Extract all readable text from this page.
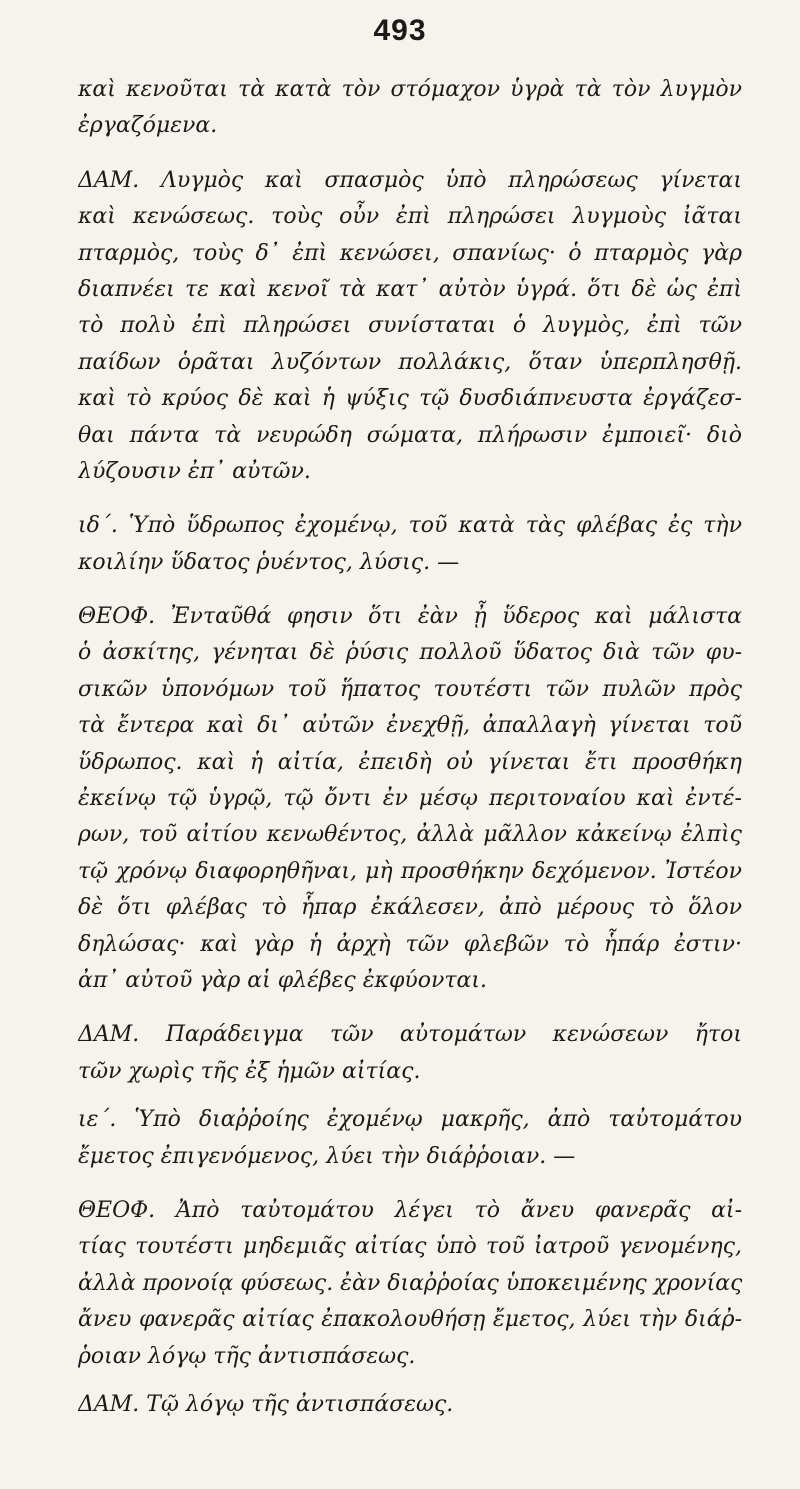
493
καὶ κενοῦται τὰ κατὰ τὸν στόμαχον ὑγρὰ τὰ τὸν λυγμὸν
ἐργαζόμενα.
ΔΑΜ. Λυγμὸς καὶ σπασμὸς ὑπὸ πληρώσεως γίνεται
καὶ κενώσεως. τοὺς οὖν ἐπὶ πληρώσει λυγμοὺς ἰᾶται
πταρμὸς, τοὺς δ᾽ ἐπὶ κενώσει, σπανίως· ὁ πταρμὸς γὰρ
διαπνέει τε καὶ κενοῖ τὰ κατ᾽ αὐτὸν ὑγρά. ὅτι δὲ ὡς ἐπὶ
τὸ πολὺ ἐπὶ πληρώσει συνίσταται ὁ λυγμὸς, ἐπὶ τῶν
παίδων ὁρᾶται λυζόντων πολλάκις, ὅταν ὑπερπλησθῇ.
καὶ τὸ κρύος δὲ καὶ ἡ ψύξις τῷ δυσδιάπνευστα ἐργάζεσ-
θαι πάντα τὰ νευρώδη σώματα, πλήρωσιν ἐμποιεῖ· διὸ
λύζουσιν ἐπ᾽ αὐτῶν.
ιδ΄. Ὑπὸ ὕδρωπος ἐχομένῳ, τοῦ κατὰ τὰς φλέβας ἐς τὴν
κοιλίην ὕδατος ῥυέντος, λύσις. —
ΘΕΟΦ. Ἐνταῦθά φησιν ὅτι ἐὰν ᾖ ὕδερος καὶ μάλιστα
ὁ ἀσκίτης, γένηται δὲ ῥύσις πολλοῦ ὕδατος διὰ τῶν φυ-
σικῶν ὑπονόμων τοῦ ἥπατος τουτέστι τῶν πυλῶν πρὸς
τὰ ἔντερα καὶ δι᾽ αὐτῶν ἐνεχθῇ, ἀπαλλαγὴ γίνεται τοῦ
ὕδρωπος. καὶ ἡ αἰτία, ἐπειδὴ οὐ γίνεται ἔτι προσθήκη
ἐκείνῳ τῷ ὑγρῷ, τῷ ὄντι ἐν μέσῳ περιτοναίου καὶ ἐντέ-
ρων, τοῦ αἰτίου κενωθέντος, ἀλλὰ μᾶλλον κἀκείνῳ ἐλπὶς
τῷ χρόνῳ διαφορηθῆναι, μὴ προσθήκην δεχόμενον. Ἰστέον
δὲ ὅτι φλέβας τὸ ἧπαρ ἐκάλεσεν, ἀπὸ μέρους τὸ ὅλον
δηλώσας· καὶ γὰρ ἡ ἀρχὴ τῶν φλεβῶν τὸ ἧπάρ ἐστιν·
ἀπ᾽ αὐτοῦ γὰρ αἱ φλέβες ἐκφύονται.
ΔΑΜ. Παράδειγμα τῶν αὐτομάτων κενώσεων ἤτοι
τῶν χωρὶς τῆς ἐξ ἡμῶν αἰτίας.
ιε΄. Ὑπὸ διαῤῥοίης ἐχομένῳ μακρῆς, ἀπὸ ταὐτομάτου
ἔμετος ἐπιγενόμενος, λύει τὴν διάῤῥοιαν. —
ΘΕΟΦ. Ἀπὸ ταὐτομάτου λέγει τὸ ἄνευ φανερᾶς αἰ-
τίας τουτέστι μηδεμιᾶς αἰτίας ὑπὸ τοῦ ἰατροῦ γενομένης,
ἀλλὰ προνοίᾳ φύσεως. ἐὰν διαῤῥοίας ὑποκειμένης χρονίας
ἄνευ φανερᾶς αἰτίας ἐπακολουθήσῃ ἔμετος, λύει τὴν διάῤ-
ῥοιαν λόγῳ τῆς ἀντισπάσεως.
ΔΑΜ. Τῷ λόγῳ τῆς ἀντισπάσεως.
